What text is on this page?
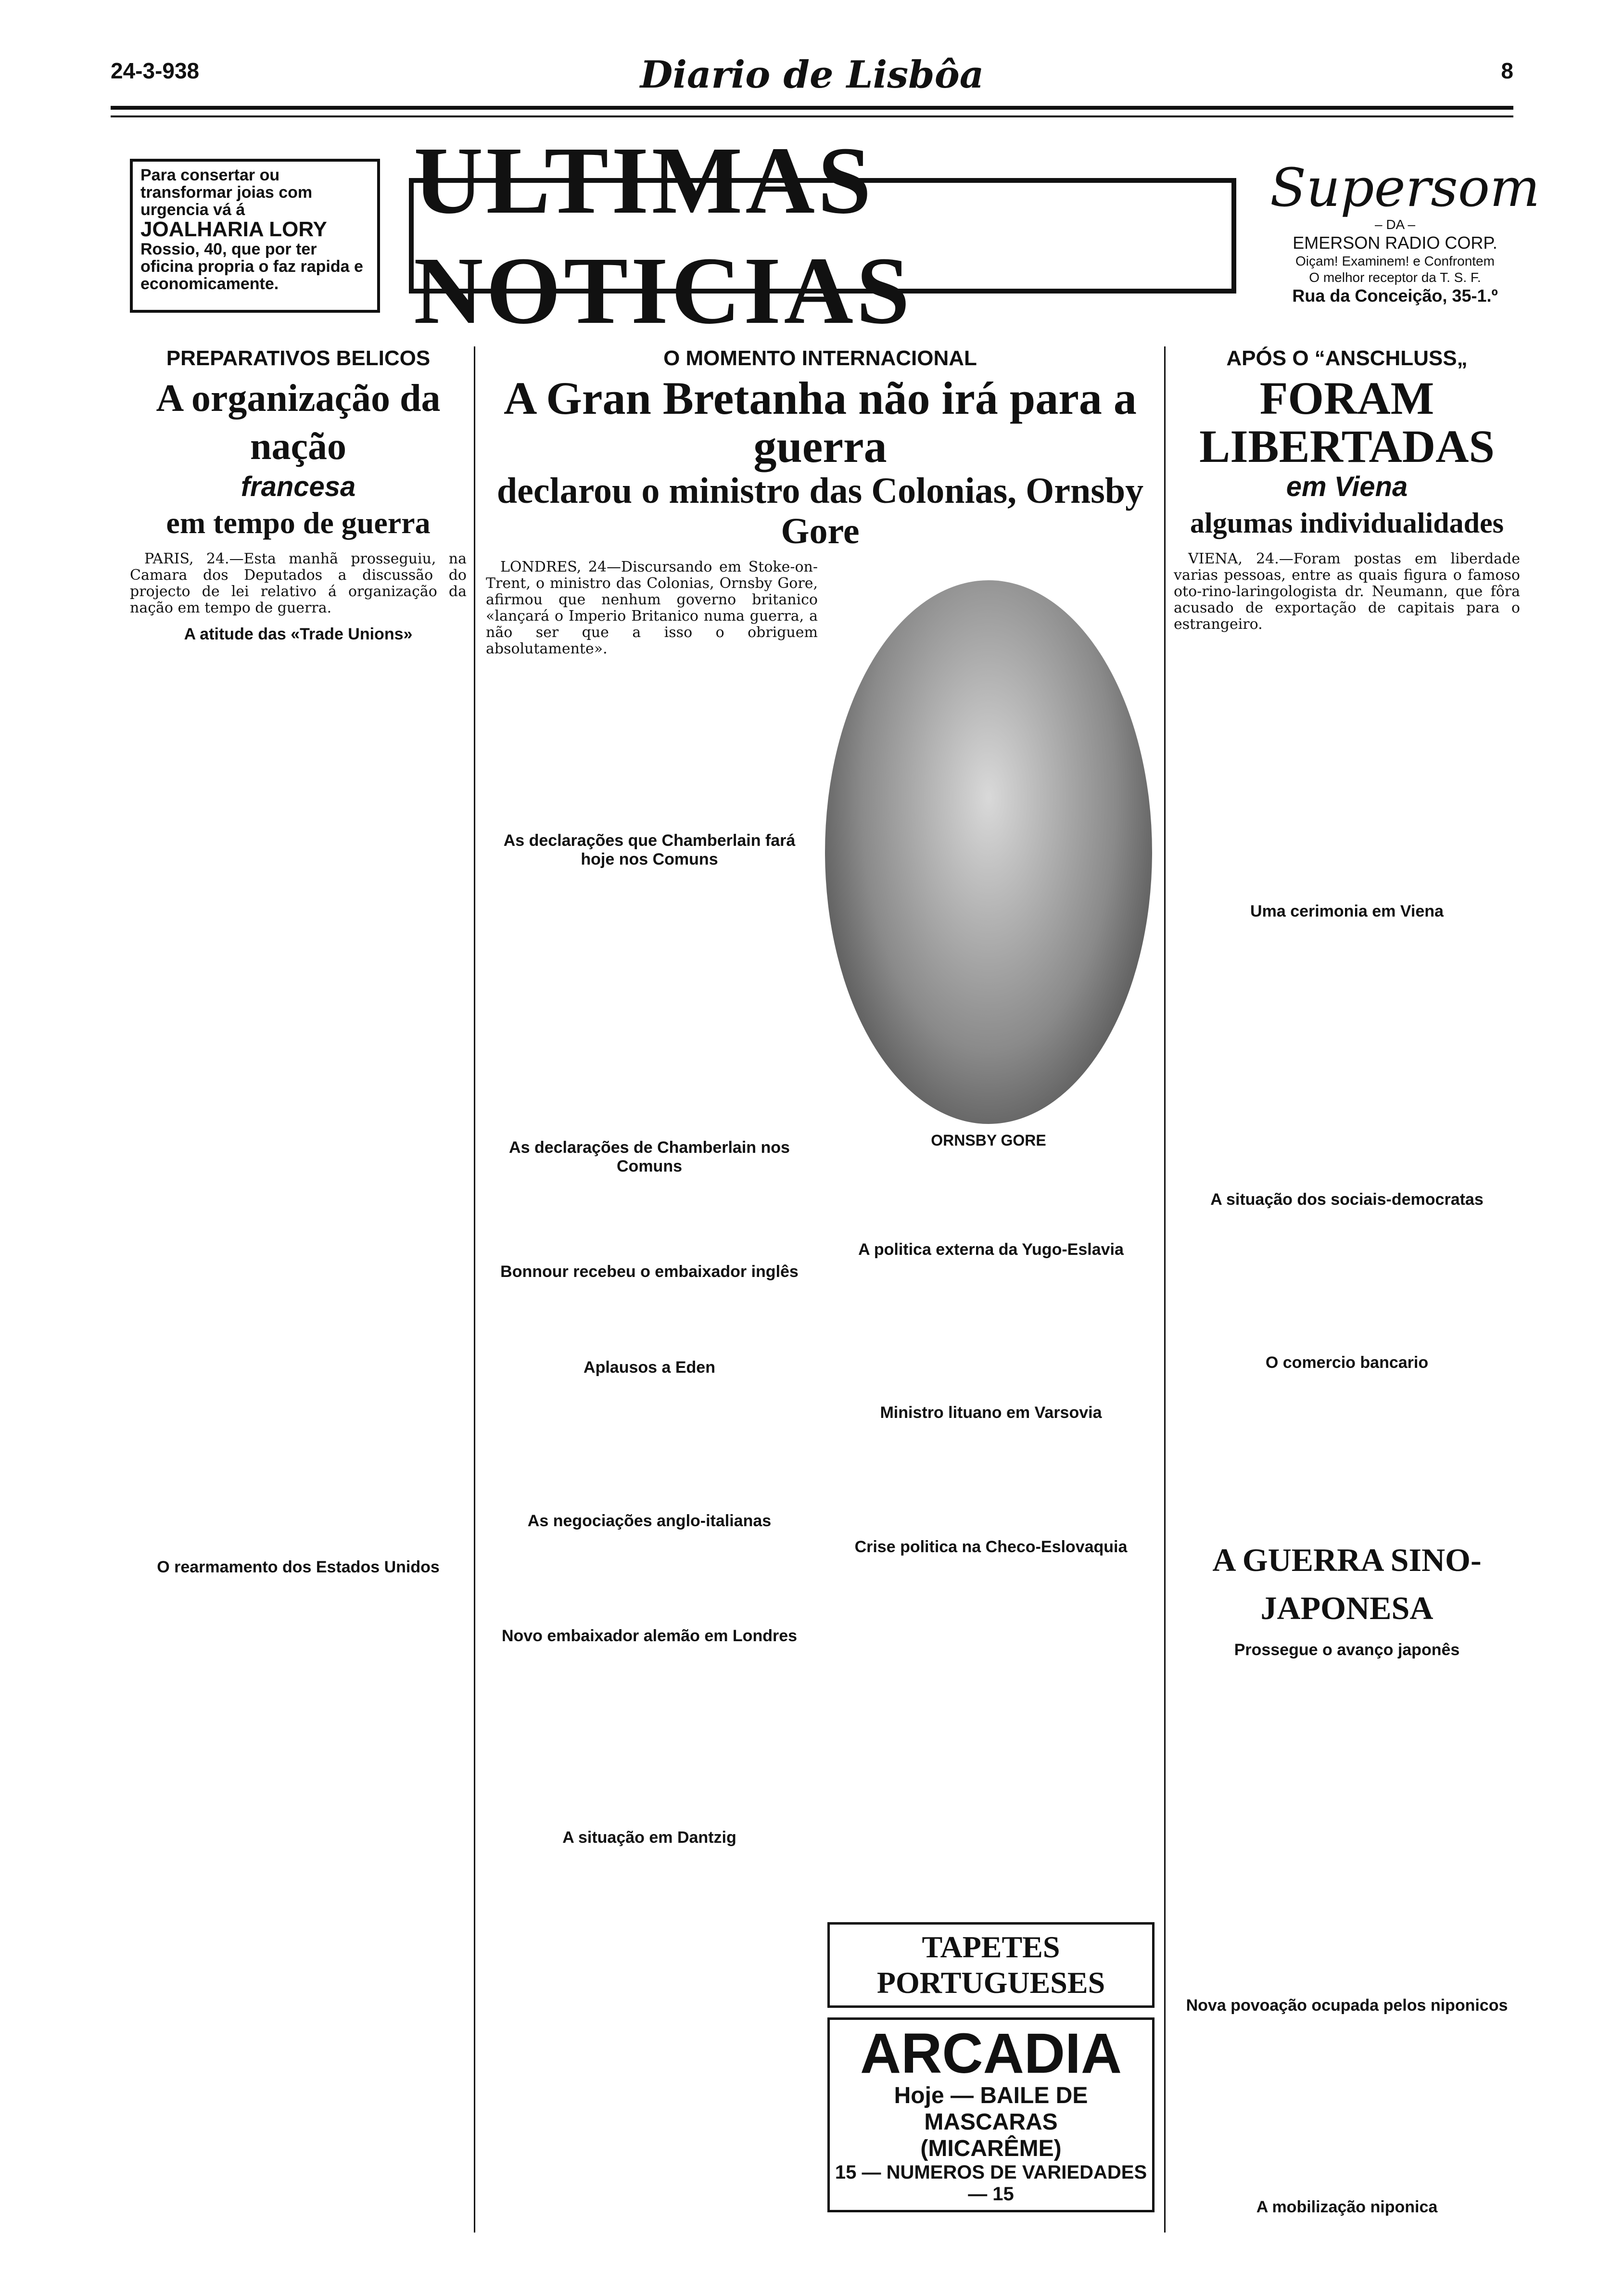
24-3-938	Diario de Lisbôa	8
Para consertar ou transformar joias com urgencia vá á
JOALHARIA LORY
Rossio, 40, que por ter oficina propria o faz rapida e economicamente.
ULTIMAS NOTICIAS
Supersom
– DA –
EMERSON RADIO CORP.
Oiçam! Examinem! e Confrontem
O melhor receptor da T. S. F.
Rua da Conceição, 35-1.º
PREPARATIVOS BELICOS
A organização da nação
francesa
em tempo de guerra

PARIS, 24.—Esta manhã prosseguiu, na Camara dos Deputados a discussão do projecto de lei relativo á organização da nação em tempo de guerra.

A atitude das «Trade Unions»
O rearmamento dos Estados Unidos
O MOMENTO INTERNACIONAL
A Gran Bretanha não irá para a guerra
declarou o ministro das Colonias, Ornsby Gore

LONDRES, 24—Discursando em Stoke-on-Trent, o ministro das Colonias, Ornsby Gore, afirmou que nenhum governo britanico «lançará o Imperio Britanico numa guerra, a não ser que a isso o obriguem absolutamente».

ORNSBY GORE
As declarações que Chamberlain fará hoje nos Comuns
As declarações de Chamberlain nos Comuns
Bonnour recebeu o embaixador inglês
Aplausos a Eden
As negociações anglo-italianas
Novo embaixador alemão em Londres
A situação em Dantzig
A politica externa da Yugo-Eslavia
Ministro lituano em Varsovia
Crise politica na Checo-Eslovaquia
TAPETES PORTUGUESES
ARCADIA
Hoje — BAILE DE MASCARAS
(MICARÊME)
15 — NUMEROS DE VARIEDADES — 15
APÓS O “ANSCHLUSS„
FORAM LIBERTADAS
em Viena
algumas individualidades

VIENA, 24.—Foram postas em liberdade varias pessoas, entre as quais figura o famoso oto-rino-laringologista dr. Neumann, que fôra acusado de exportação de capitais para o estrangeiro.

Uma cerimonia em Viena
A situação dos sociais-democratas
O comercio bancario
A GUERRA SINO-JAPONESA
Prossegue o avanço japonês
Nova povoação ocupada pelos niponicos
A mobilização niponica
